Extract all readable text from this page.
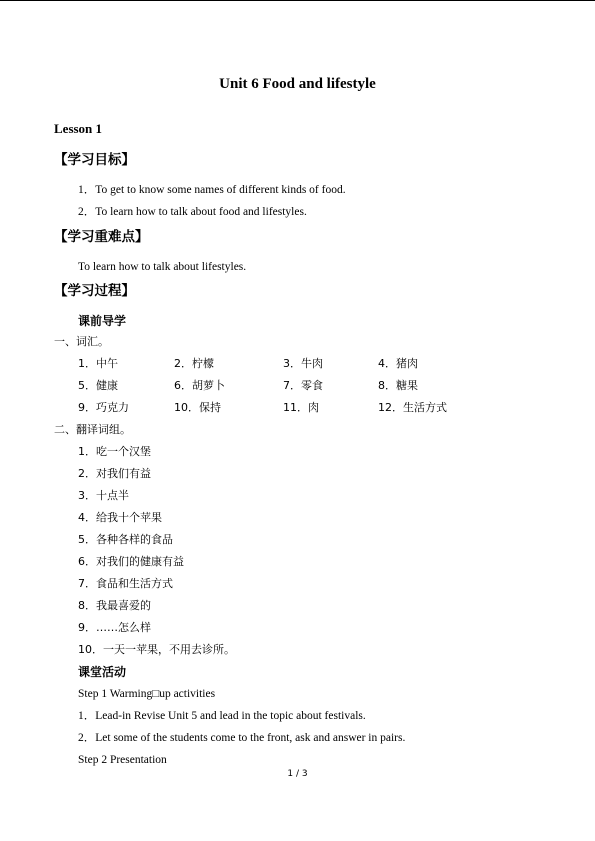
Unit 6 Food and lifestyle
Lesson 1
【学习目标】
1．To get to know some names of different kinds of food.
2．To learn how to talk about food and lifestyles.
【学习重难点】
To learn how to talk about lifestyles.
【学习过程】
课前导学
一、词汇。
1．中午	2．柠檬	3．牛肉	4．猪肉
5．健康	6．胡萝卜	7．零食	8．糖果
9．巧克力	10．保持	11．肉	12．生活方式
二、翻译词组。
1．吃一个汉堡
2．对我们有益
3．十点半
4．给我十个苹果
5．各种各样的食品
6．对我们的健康有益
7．食品和生活方式
8．我最喜爱的
9．……怎么样
10．一天一苹果，不用去诊所。
课堂活动
Step 1 Warming□up activities
1．Lead-in Revise Unit 5 and lead in the topic about festivals.
2．Let some of the students come to the front, ask and answer in pairs.
Step 2 Presentation
1 / 3
